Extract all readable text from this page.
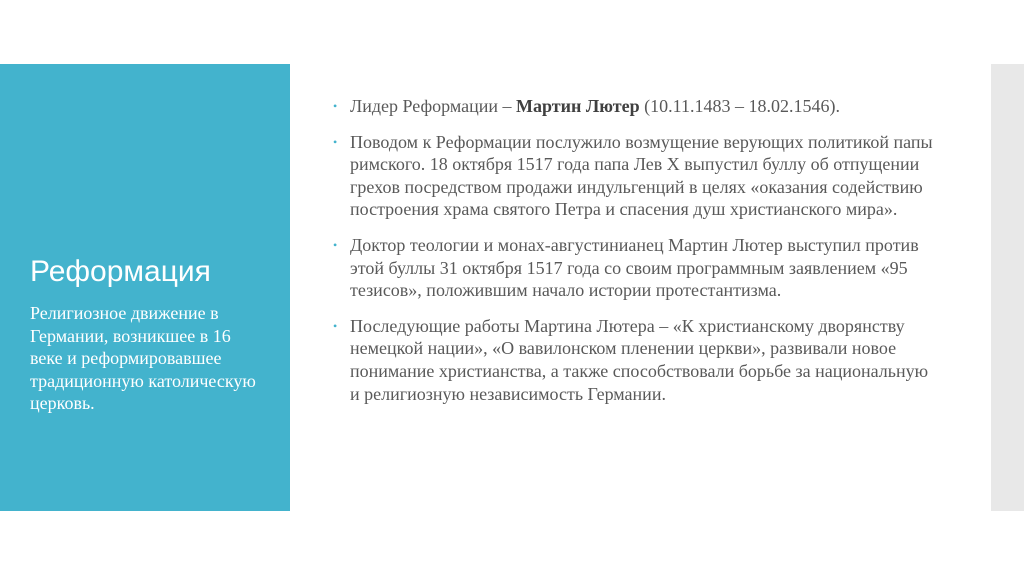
Реформация

Религиозное движение в Германии, возникшее в 16 веке и реформировавшее традиционную католическую церковь.

• Лидер Реформации – Мартин Лютер (10.11.1483 – 18.02.1546).
• Поводом к Реформации послужило возмущение верующих политикой папы римского. 18 октября 1517 года папа Лев X выпустил буллу об отпущении грехов посредством продажи индульгенций в целях «оказания содействию построения храма святого Петра и спасения душ христианского мира».
• Доктор теологии и монах-августинианец Мартин Лютер выступил против этой буллы 31 октября 1517 года со своим программным заявлением «95 тезисов», положившим начало истории протестантизма.
• Последующие работы Мартина Лютера – «К христианскому дворянству немецкой нации», «О вавилонском пленении церкви», развивали новое понимание христианства, а также способствовали борьбе за национальную и религиозную независимость Германии.
